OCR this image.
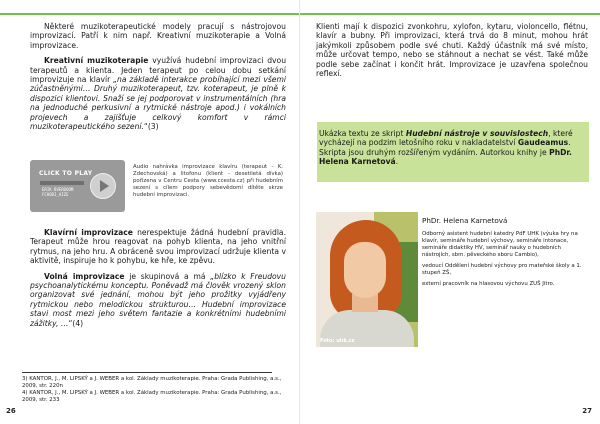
Některé muzikoterapeutické modely pracují s nástrojovou improvizací. Patří k nim např. Kreativní muzikoterapie a Volná improvizace.

Kreativní muzikoterapie využívá hudební improvizaci dvou terapeutů a klienta. Jeden terapeut po celou dobu setkání improvizuje na klavír „na základě interakce probíhající mezi všemi zúčastněnými… Druhý muzikoterapeut, tzv. koterapeut, je plně k dispozici klientovi. Snaží se jej podporovat v instrumentálních (hra na jednoduché perkusivní a rytmické nástroje apod.) i vokálních projevech a zajišťuje celkový komfort v rámci muzikoterapeutického sezení.“(3)

CLICK TO PLAY
ERIK BVERDOOM
FCHODI_AIZE
Audio nahrávka improvizace klavíru (terapeut - K. Zdechovská) a litofonu (klient - desetiletá dívka) pořízena v Centru Cesta (www.ccesta.cz) při hudebním sezení s cílem podpory sebevědomí dítěte skrze hudební improvizaci.

Klavírní improvizace nerespektuje žádná hudební pravidla. Terapeut může hrou reagovat na pohyb klienta, na jeho vnitřní rytmus, na jeho hru. A obráceně svou improvizací udržuje klienta v aktivitě, inspiruje ho k pohybu, ke hře, ke zpěvu.

Volná improvizace je skupinová a má „blízko k Freudovu psychoanalytickému konceptu. Poněvadž má člověk vrozený sklon organizovat své jednání, mohou být jeho prožitky vyjádřeny rytmickou nebo melodickou strukturou… Hudební improvizace stavi most mezi jeho světem fantazie a konkrétními hudebními zážitky, …“(4)

3) KANTOR, J., M. LIPSKÝ a J. WEBER a kol. Základy muzikoterapie. Praha: Grada Publishing, a.s., 2009, str. 220n
4) KANTOR, J., M. LIPSKÝ a J. WEBER a kol. Základy muzikoterapie. Praha: Grada Publishing, a.s., 2009, str. 233
26

Klienti mají k dispozici zvonkohru, xylofon, kytaru, violoncello, flétnu, klavír a bubny. Při improvizaci, která trvá do 8 minut, mohou hrát jakýmkoli způsobem podle své chuti. Každý účastník má své místo, může určovat tempo, nebo se stáhnout a nechat se vést. Také může podle sebe začínat i končit hrát. Improvizace je uzavřena společnou reflexí.

Ukázka textu ze skript Hudební nástroje v souvislostech, které vycházejí na podzim letošního roku v nakladatelství Gaudeamus. Skripta jsou druhým rozšířeným vydáním. Autorkou knihy je PhDr. Helena Karnetová.
Foto: uhk.cz
PhDr. Helena Karnetová
Odborný asistent hudební katedry PdF UHK (výuka hry na klavír, semináře hudební výchovy, semináře intonace, semináře didaktiky HV, seminář nauky o hudebních nástrojích, sbm. pěveckého sboru Cambio),
vedoucí Oddělení hudební výchovy pro mateřské školy a 1. stupeň ZŠ,
externí pracovník na hlasovou výchovu ZUŠ Jitro.
27
